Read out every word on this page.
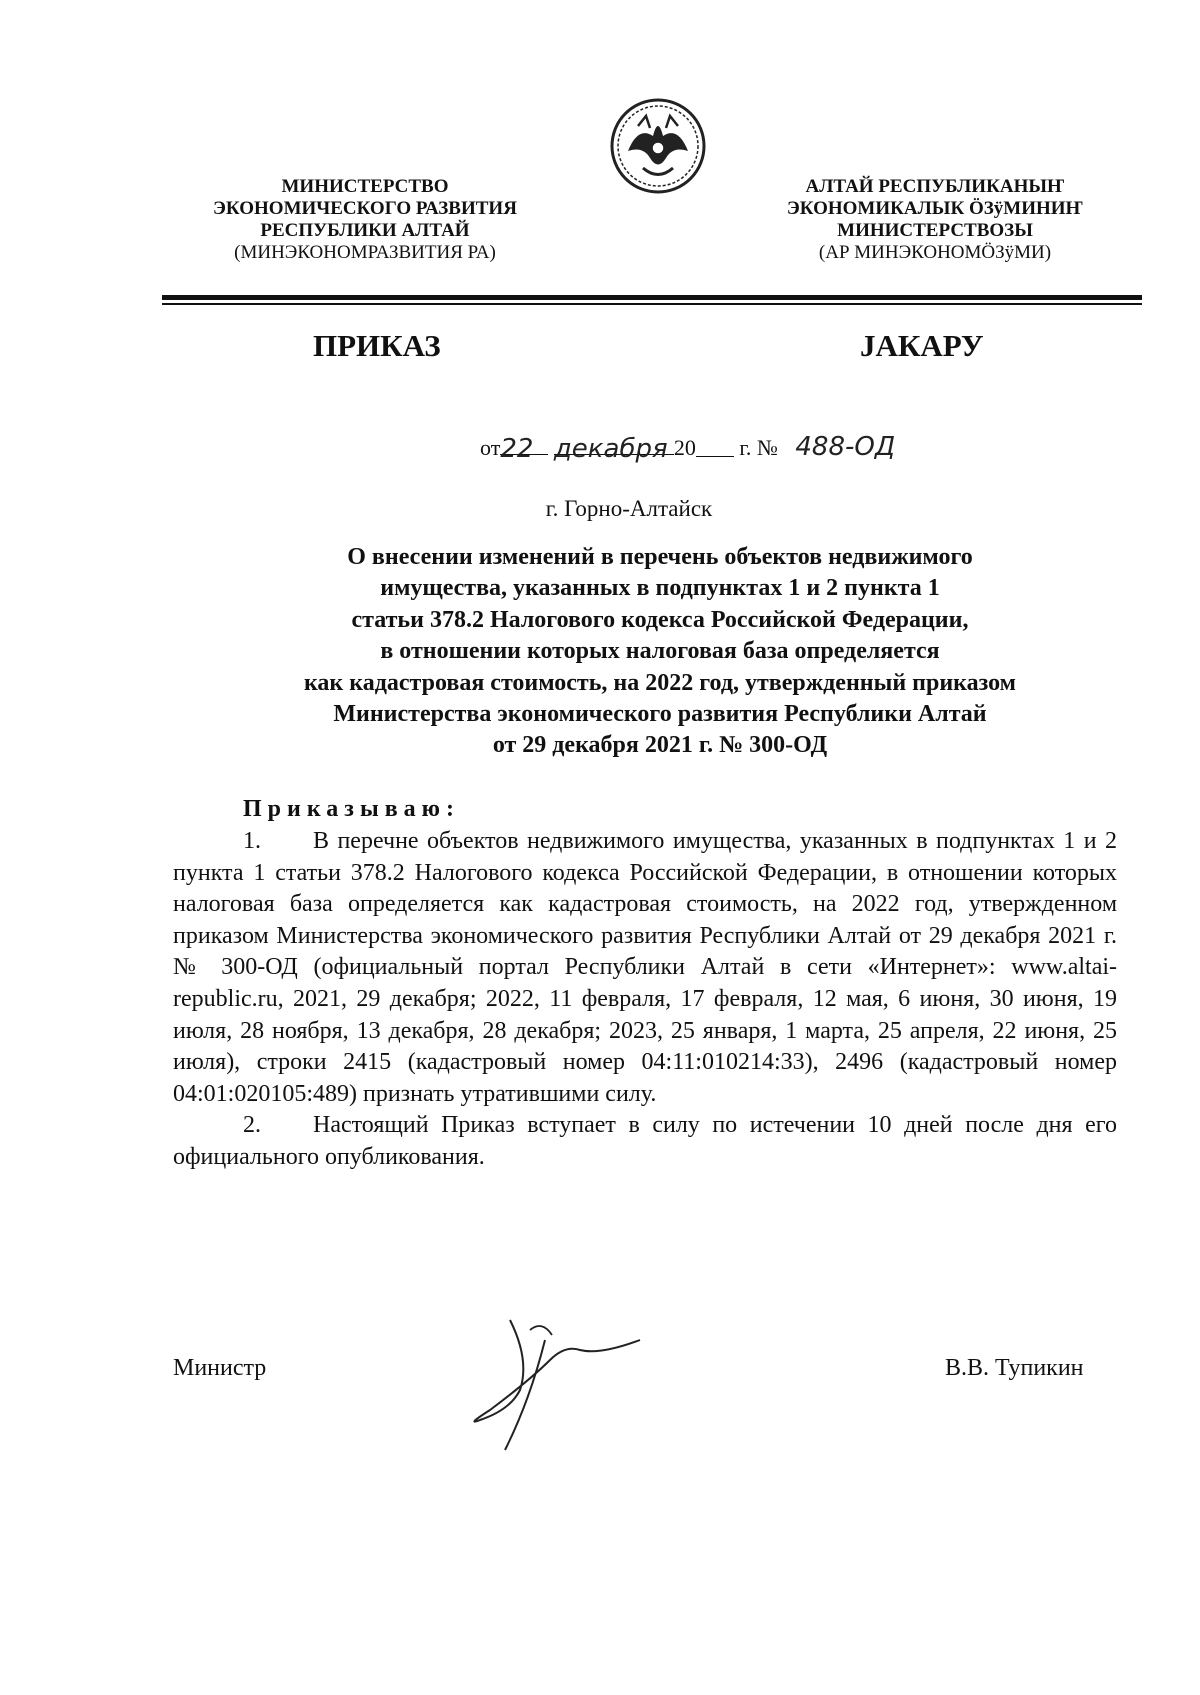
МИНИСТЕРСТВО
ЭКОНОМИЧЕСКОГО РАЗВИТИЯ
РЕСПУБЛИКИ АЛТАЙ
(МИНЭКОНОМРАЗВИТИЯ РА)
АЛТАЙ РЕСПУБЛИКАНЫҤ
ЭКОНОМИКАЛЫК ÖЗÿМИНИҤ
МИНИСТЕРСТВОЗЫ
(АР МИНЭКОНОМÖЗÿМИ)
ПРИКАЗ	JАКАРУ
от22 декабря 20 г. № 488-ОД
г. Горно-Алтайск
О внесении изменений в перечень объектов недвижимого
имущества, указанных в подпунктах 1 и 2 пункта 1
статьи 378.2 Налогового кодекса Российской Федерации,
в отношении которых налоговая база определяется
как кадастровая стоимость, на 2022 год, утвержденный приказом
Министерства экономического развития Республики Алтай
от 29 декабря 2021 г. № 300-ОД
Приказываю:

1. В перечне объектов недвижимого имущества, указанных в подпунктах 1 и 2 пункта 1 статьи 378.2 Налогового кодекса Российской Федерации, в отношении которых налоговая база определяется как кадастровая стоимость, на 2022 год, утвержденном приказом Министерства экономического развития Республики Алтай от 29 декабря 2021 г. № 300-ОД (официальный портал Республики Алтай в сети «Интернет»: www.altai-republic.ru, 2021, 29 декабря; 2022, 11 февраля, 17 февраля, 12 мая, 6 июня, 30 июня, 19 июля, 28 ноября, 13 декабря, 28 декабря; 2023, 25 января, 1 марта, 25 апреля, 22 июня, 25 июля), строки 2415 (кадастровый номер 04:11:010214:33), 2496 (кадастровый номер 04:01:020105:489) признать утратившими силу.

2. Настоящий Приказ вступает в силу по истечении 10 дней после дня его официального опубликования.

Министр	В.В. Тупикин
